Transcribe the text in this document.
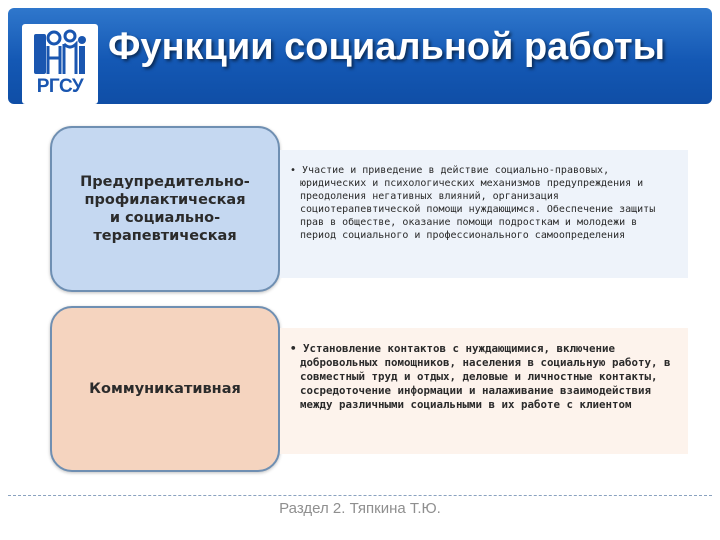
РГСУ
Функции социальной работы
Предупредительно-
профилактическая
и социально-
терапевтическая

• Участие и приведение в действие социально-правовых, юридических и психологических механизмов предупреждения и преодоления негативных влияний, организация социотерапевтической помощи нуждающимся. Обеспечение защиты прав в обществе, оказание помощи подросткам и молодежи в период социального и профессионального самоопределения

Коммуникативная

• Установление контактов с нуждающимися, включение добровольных помощников, населения в социальную работу, в совместный труд и отдых, деловые и личностные контакты, сосредоточение информации и налаживание взаимодействия между различными социальными в их работе с клиентом

Раздел 2. Тяпкина Т.Ю.
